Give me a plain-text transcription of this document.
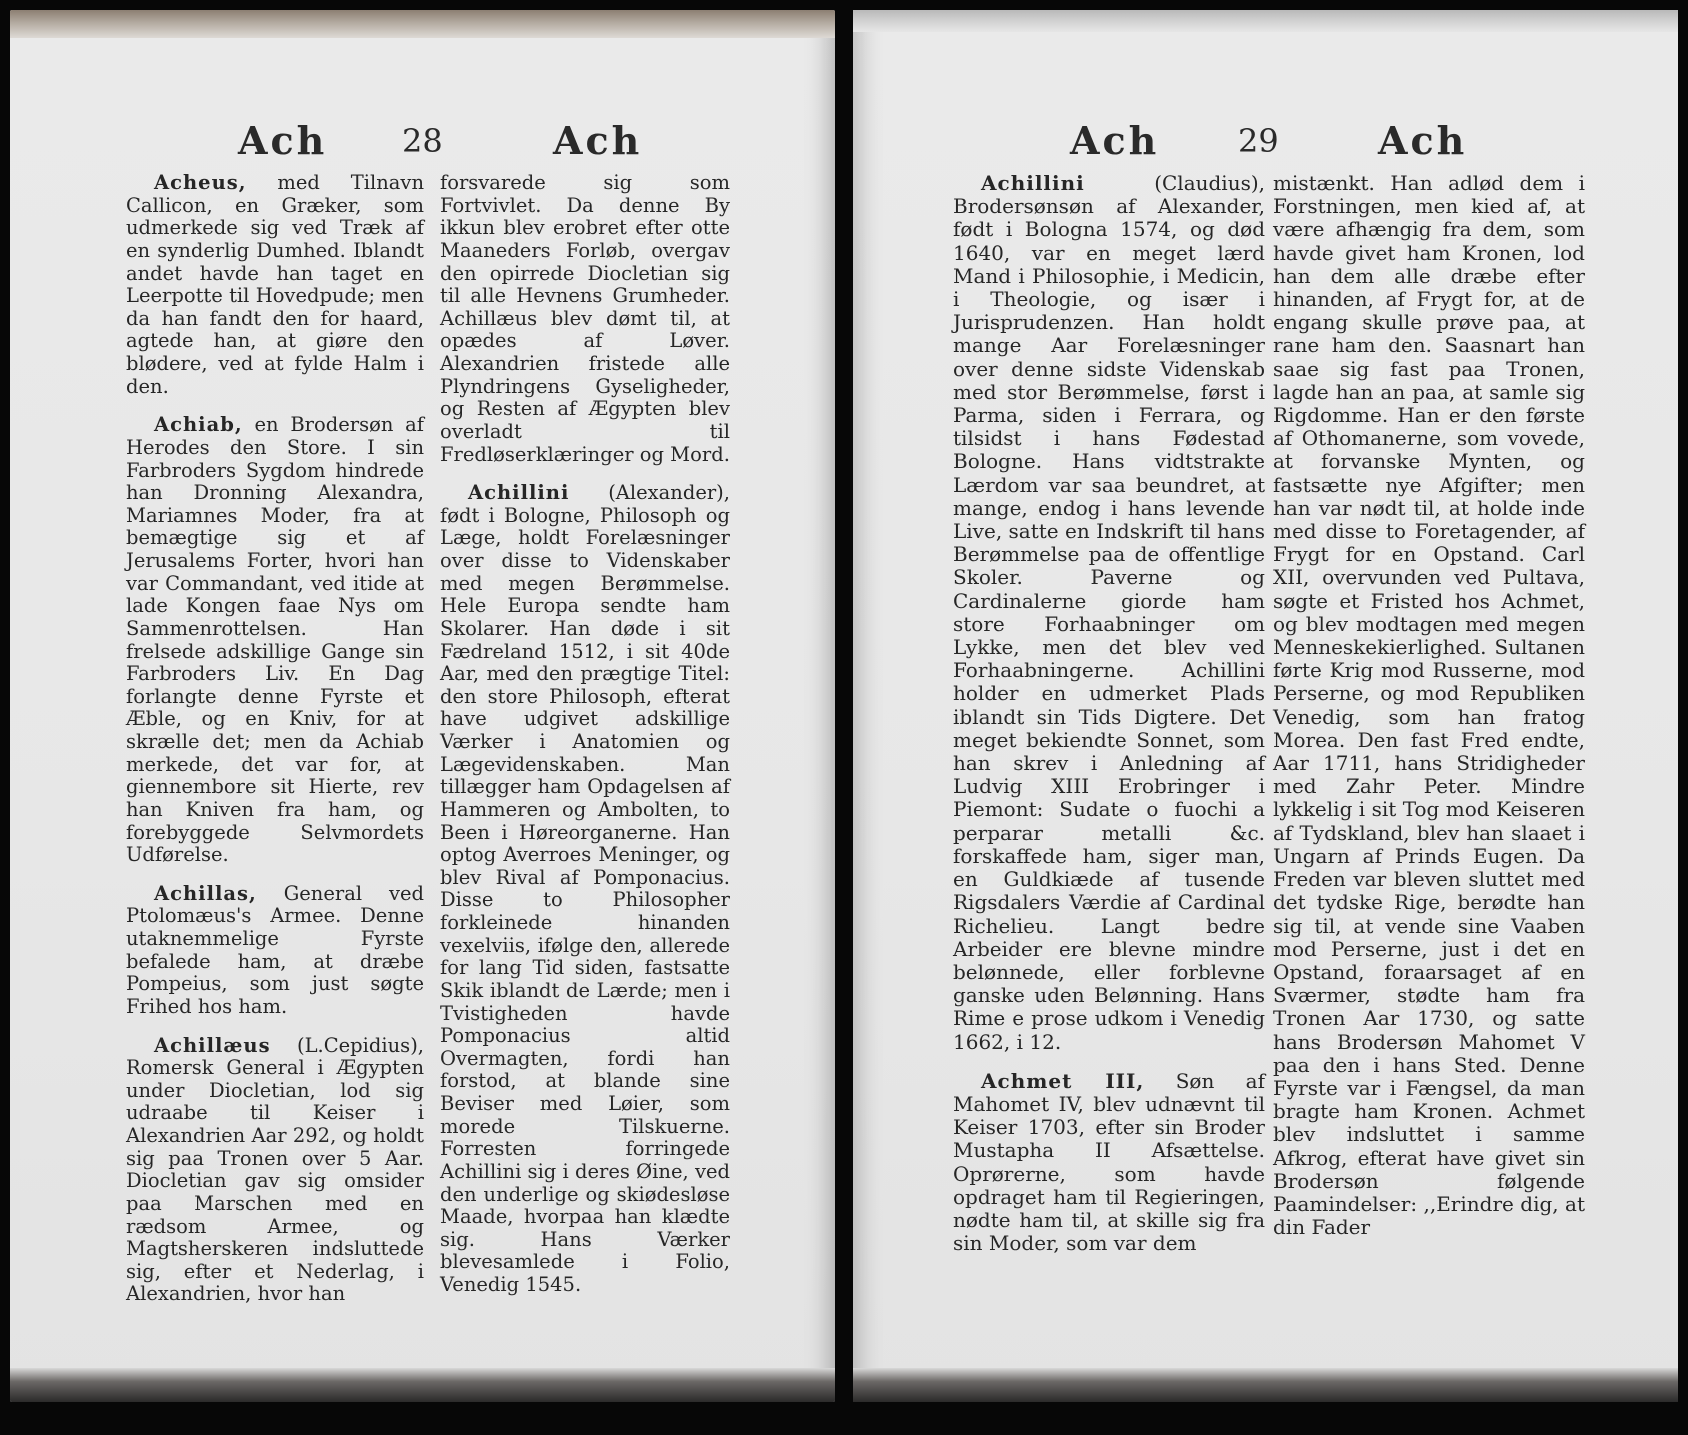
Ach 28	Ach

Acheus, med Tilnavn Callicon, en Græker, som udmerkede sig ved Træk af en synderlig Dumhed. Iblandt andet havde han taget en Leerpotte til Hovedpude; men da han fandt den for haard, agtede han, at giøre den blødere, ved at fylde Halm i den.

Achiab, en Brodersøn af Herodes den Store. I sin Farbroders Sygdom hindrede han Dronning Alexandra, Mariamnes Moder, fra at bemægtige sig et af Jerusalems Forter, hvori han var Commandant, ved itide at lade Kongen faae Nys om Sammenrottelsen. Han frelsede adskillige Gange sin Farbroders Liv. En Dag forlangte denne Fyrste et Æble, og en Kniv, for at skrælle det; men da Achiab merkede, det var for, at giennembore sit Hierte, rev han Kniven fra ham, og forebyggede Selvmordets Udførelse.

Achillas, General ved Ptolomæus's Armee. Denne utaknemmelige Fyrste befalede ham, at dræbe Pompeius, som just søgte Frihed hos ham.

Achillæus (L.Cepidius), Romersk General i Ægypten under Diocletian, lod sig udraabe til Keiser i Alexandrien Aar 292, og holdt sig paa Tronen over 5 Aar. Diocletian gav sig omsider paa Marschen med en rædsom Armee, og Magtsherskeren indsluttede sig, efter et Nederlag, i Alexandrien, hvor han

forsvarede sig som Fortvivlet. Da denne By ikkun blev erobret efter otte Maaneders Forløb, overgav den opirrede Diocletian sig til alle Hevnens Grumheder. Achillæus blev dømt til, at opædes af Løver. Alexandrien fristede alle Plyndringens Gyseligheder, og Resten af Ægypten blev overladt til Fredløserklæringer og Mord.

Achillini (Alexander), født i Bologne, Philosoph og Læge, holdt Forelæsninger over disse to Videnskaber med megen Berømmelse. Hele Europa sendte ham Skolarer. Han døde i sit Fædreland 1512, i sit 40de Aar, med den prægtige Titel: den store Philosoph, efterat have udgivet adskillige Værker i Anatomien og Lægevidenskaben. Man tillægger ham Opdagelsen af Hammeren og Ambolten, to Been i Høreorganerne. Han optog Averroes Meninger, og blev Rival af Pomponacius. Disse to Philosopher forkleinede hinanden vexelviis, ifølge den, allerede for lang Tid siden, fastsatte Skik iblandt de Lærde; men i Tvistigheden havde Pomponacius altid Overmagten, fordi han forstod, at blande sine Beviser med Løier, som morede Tilskuerne. Forresten forringede Achillini sig i deres Øine, ved den underlige og skiødesløse Maade, hvorpaa han klædte sig. Hans Værker blevesamlede i Folio, Venedig 1545.

Ach 29	Ach

Achillini	(Claudius), Brodersønsøn af Alexander, født i Bologna 1574, og død 1640, var en meget lærd Mand i Philosophie, i Medicin, i Theologie, og især i Jurisprudenzen. Han holdt mange Aar Forelæsninger over denne sidste Videnskab med stor Berømmelse, først i Parma, siden i Ferrara, og tilsidst i hans Fødestad Bologne. Hans vidtstrakte Lærdom var saa beundret, at mange, endog i hans levende Live, satte en Indskrift til hans Berømmelse paa de offentlige Skoler. Paverne og Cardinalerne giorde ham store Forhaabninger om Lykke, men det blev ved Forhaabningerne. Achillini holder en udmerket Plads iblandt sin Tids Digtere. Det meget bekiendte Sonnet, som han skrev i Anledning af Ludvig XIII Erobringer i Piemont: Sudate o fuochi a perparar metalli &c. forskaffede ham, siger man, en Guldkiæde af tusende Rigsdalers Værdie af Cardinal Richelieu. Langt bedre Arbeider ere blevne mindre belønnede, eller forblevne ganske uden Belønning. Hans Rime e prose udkom i Venedig 1662, i 12.

Achmet III, Søn af Mahomet IV, blev udnævnt til Keiser 1703, efter sin Broder Mustapha II Afsættelse. Oprørerne, som havde opdraget ham til Regieringen, nødte ham til, at skille sig fra sin Moder, som var dem

mistænkt. Han adlød dem i Forstningen, men kied af, at være afhængig fra dem, som havde givet ham Kronen, lod han dem alle dræbe efter hinanden, af Frygt for, at de engang skulle prøve paa, at rane ham den. Saasnart han saae sig fast paa Tronen, lagde han an paa, at samle sig Rigdomme. Han er den første af Othomanerne, som vovede, at forvanske Mynten, og fastsætte nye Afgifter; men han var nødt til, at holde inde med disse to Foretagender, af Frygt for en Opstand. Carl XII, overvunden ved Pultava, søgte et Fristed hos Achmet, og blev modtagen med megen Menneskekierlighed. Sultanen førte Krig mod Russerne, mod Perserne, og mod Republiken Venedig, som han fratog Morea. Den fast Fred endte, Aar 1711, hans Stridigheder med Zahr Peter. Mindre lykkelig i sit Tog mod Keiseren af Tydskland, blev han slaaet i Ungarn af Prinds Eugen. Da Freden var bleven sluttet med det tydske Rige, berødte han sig til, at vende sine Vaaben mod Perserne, just i det en Opstand, foraarsaget af en Sværmer, stødte ham fra Tronen Aar 1730, og satte hans Brodersøn Mahomet V paa den i hans Sted. Denne Fyrste var i Fængsel, da man bragte ham Kronen. Achmet blev indsluttet i samme Afkrog, efterat have givet sin Brodersøn følgende Paamindelser: ,,Erindre dig, at din Fader
